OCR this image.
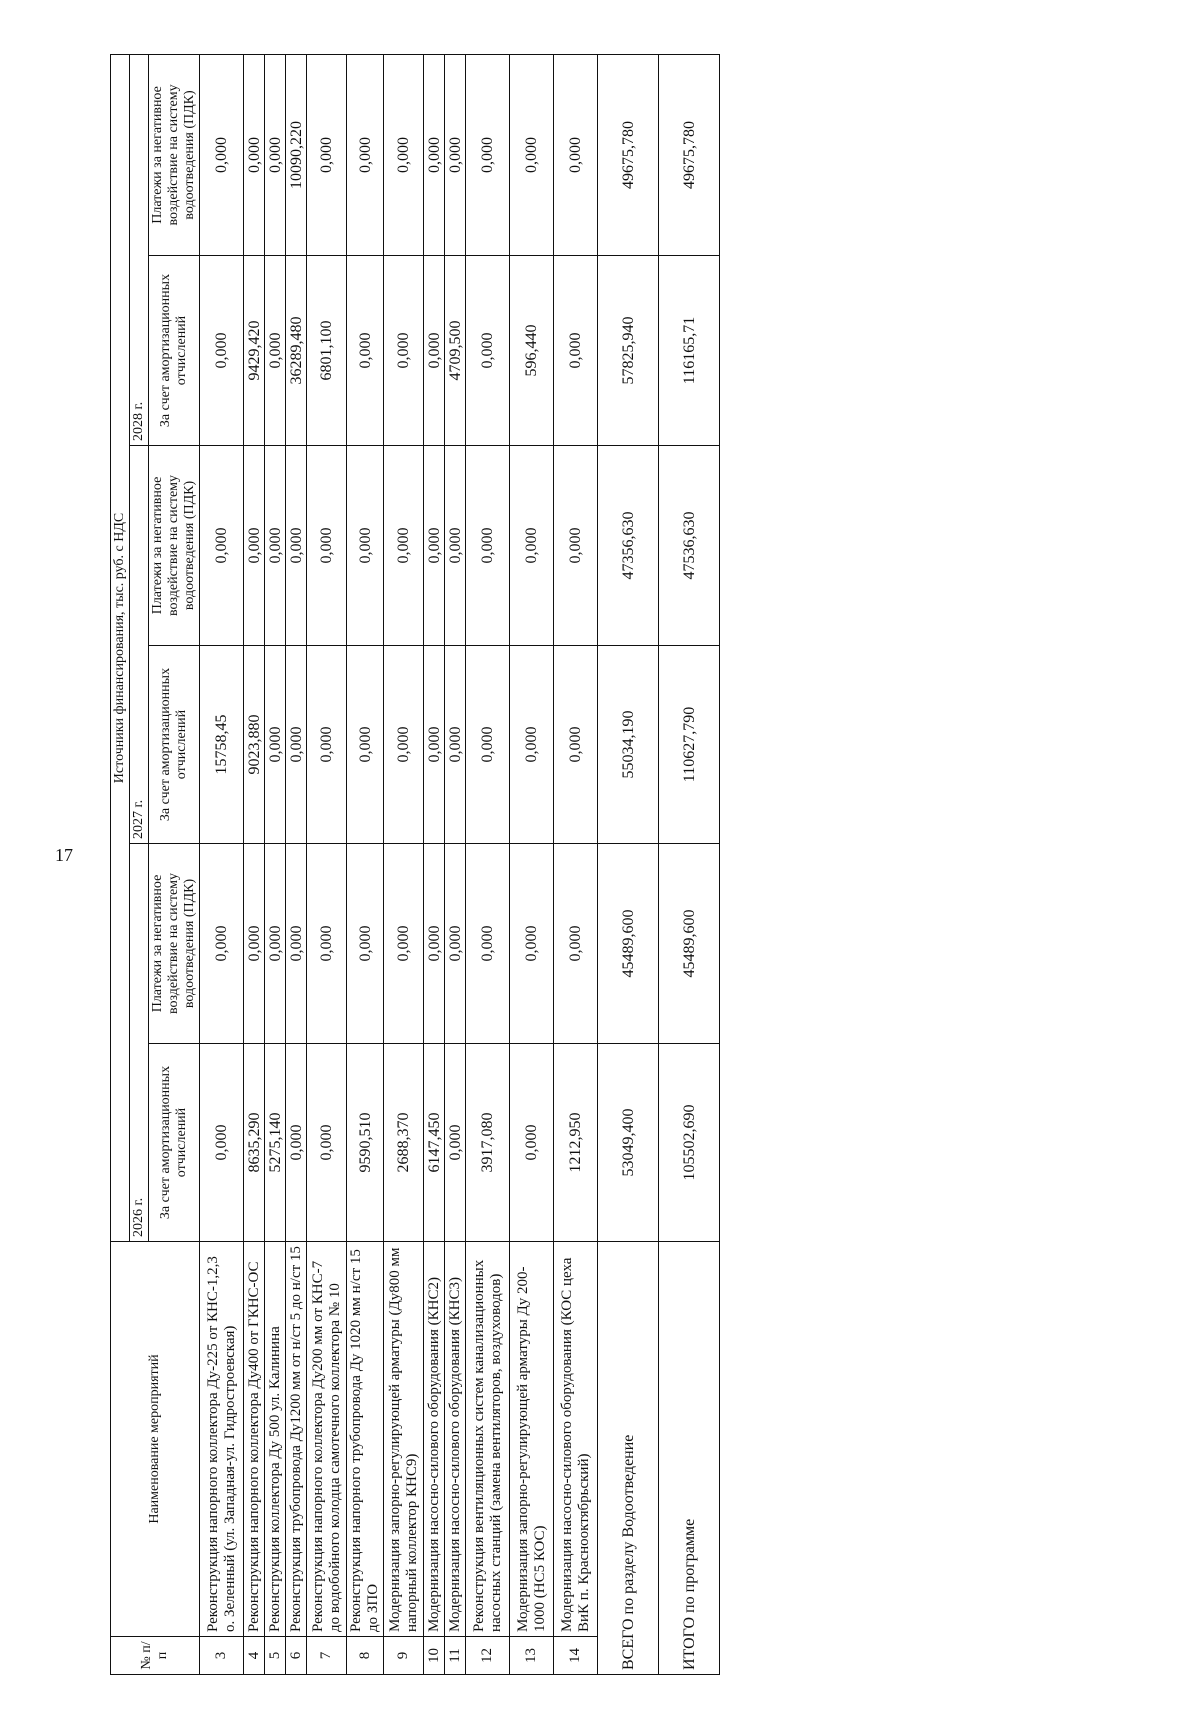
17
№ п/п	Наименование мероприятий	Источники финансирования, тыс. руб. с НДС					
		2026 г.		2027 г.		2028 г.	
		За счет амортизационных отчислений	Платежи за негативное воздействие на систему водоотведения (ПДК)	За счет амортизационных отчислений	Платежи за негативное воздействие на систему водоотведения (ПДК)	За счет амортизационных отчислений	Платежи за негативное воздействие на систему водоотведения (ПДК)
3	Реконструкция напорного коллектора Ду-225 от КНС-1,2,3 о. Зеленный (ул. Западная-ул. Гидростроевская)	0,000	0,000	15758,45	0,000	0,000	0,000
4	Реконструкция напорного коллектора Ду400 от ГКНС-ОС	8635,290	0,000	9023,880	0,000	9429,420	0,000
5	Реконструкция коллектора Ду 500 ул. Калинина	5275,140	0,000	0,000	0,000	0,000	0,000
6	Реконструкция трубопровода Ду1200 мм от н/ст 5 до н/ст 15	0,000	0,000	0,000	0,000	36289,480	10090,220
7	Реконструкция напорного коллектора Ду200 мм от КНС-7 до водобойного колодца самотечного коллектора № 10	0,000	0,000	0,000	0,000	6801,100	0,000
8	Реконструкция напорного трубопровода Ду 1020 мм н/ст 15 до ЗПО	9590,510	0,000	0,000	0,000	0,000	0,000
9	Модернизация запорно-регулирующей арматуры (Ду800 мм напорный коллектор КНС9)	2688,370	0,000	0,000	0,000	0,000	0,000
10	Модернизация насосно-силового оборудования (КНС2)	6147,450	0,000	0,000	0,000	0,000	0,000
11	Модернизация насосно-силового оборудования (КНС3)	0,000	0,000	0,000	0,000	4709,500	0,000
12	Реконструкция вентиляционных систем канализационных насосных станций (замена вентиляторов, воздуховодов)	3917,080	0,000	0,000	0,000	0,000	0,000
13	Модернизация запорно-регулирующей арматуры Ду 200-1000 (НС5 КОС)	0,000	0,000	0,000	0,000	596,440	0,000
14	Модернизация насосно-силового оборудования (КОС цеха ВиК п. Краснооктябрьский)	1212,950	0,000	0,000	0,000	0,000	0,000
ВСЕГО по разделу Водоотведение		53049,400	45489,600	55034,190	47356,630	57825,940	49675,780
ИТОГО по программе		105502,690	45489,600	110627,790	47536,630	116165,71	49675,780
